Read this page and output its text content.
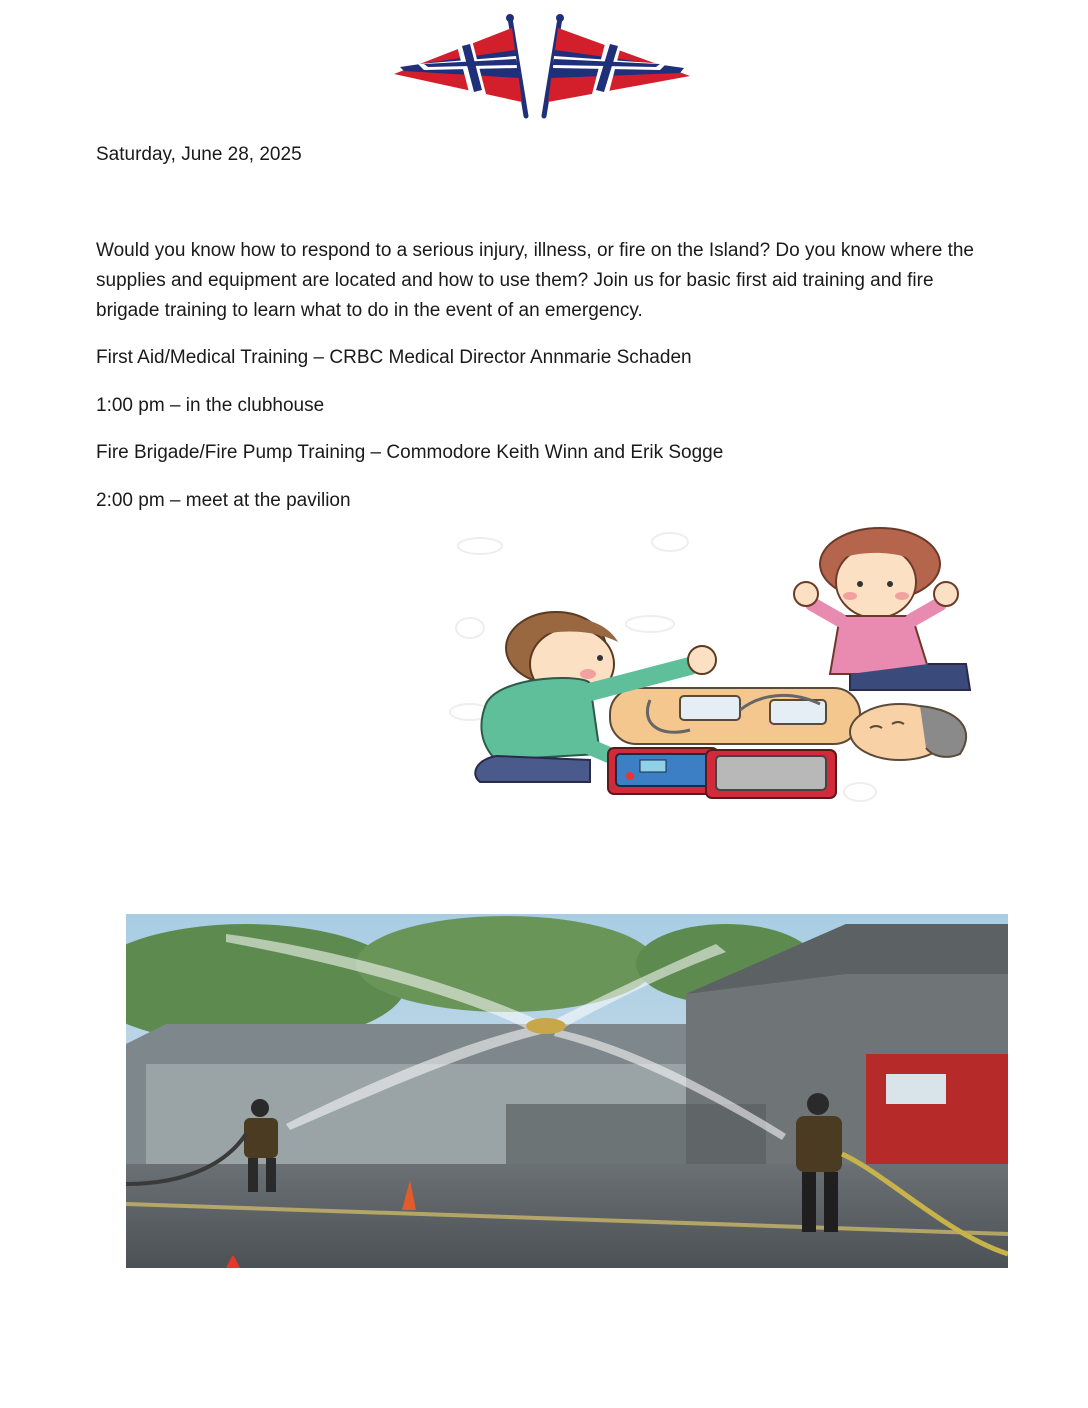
Saturday, June 28, 2025
Would you know how to respond to a serious injury, illness, or fire on the Island? Do you know where the supplies and equipment are located and how to use them? Join us for basic first aid training and fire brigade training to learn what to do in the event of an emergency.
First Aid/Medical Training – CRBC Medical Director Annmarie Schaden
1:00 pm – in the clubhouse
Fire Brigade/Fire Pump Training – Commodore Keith Winn and Erik Sogge
2:00 pm – meet at the pavilion
